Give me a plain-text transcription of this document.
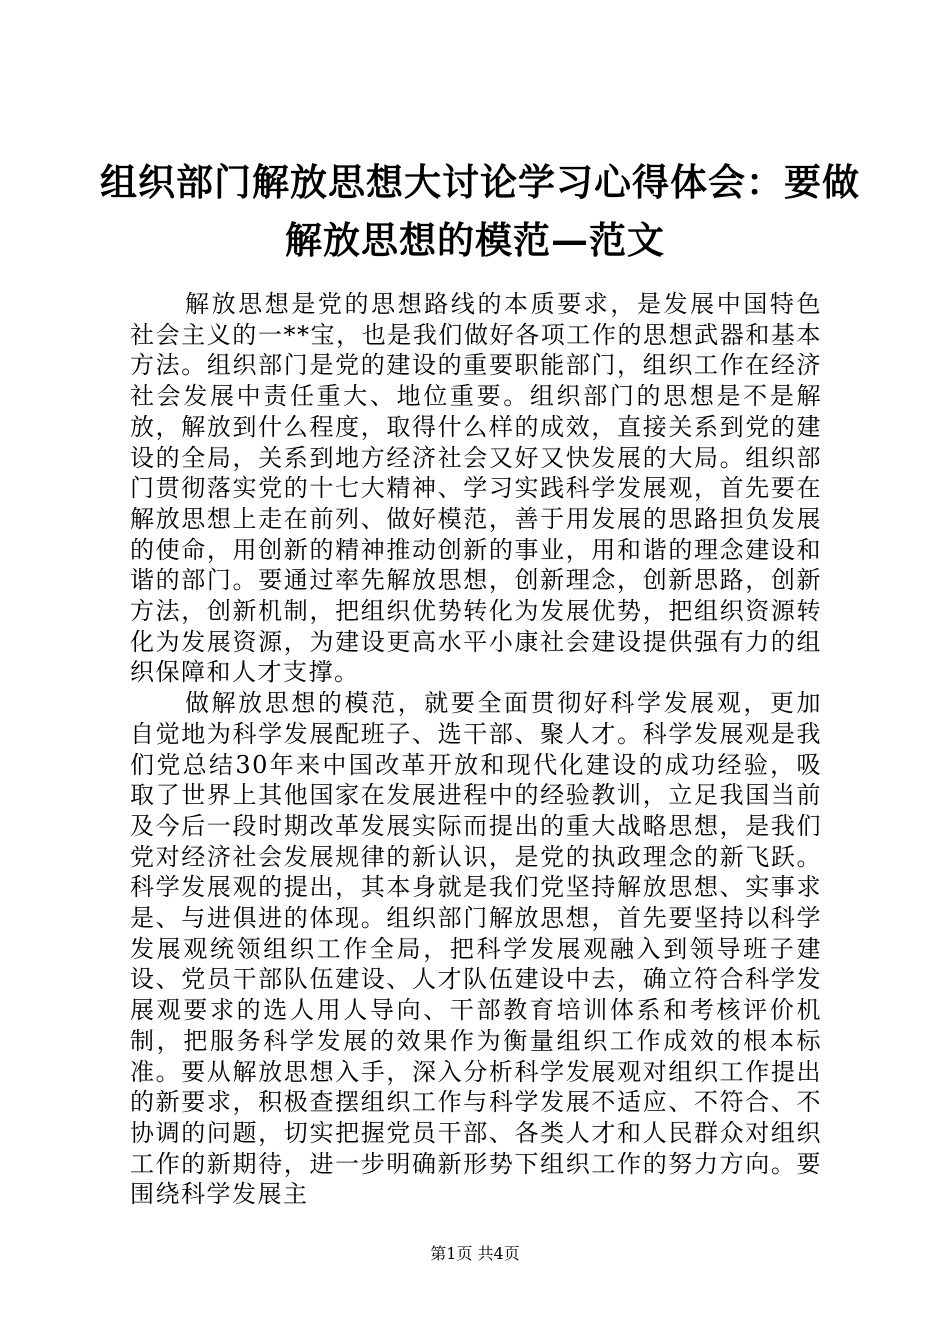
组织部门解放思想大讨论学习心得体会：要做
解放思想的模范—范文

解放思想是党的思想路线的本质要求，是发展中国特色社会主义的一**宝，也是我们做好各项工作的思想武器和基本方法。组织部门是党的建设的重要职能部门，组织工作在经济社会发展中责任重大、地位重要。组织部门的思想是不是解放，解放到什么程度，取得什么样的成效，直接关系到党的建设的全局，关系到地方经济社会又好又快发展的大局。组织部门贯彻落实党的十七大精神、学习实践科学发展观，首先要在解放思想上走在前列、做好模范，善于用发展的思路担负发展的使命，用创新的精神推动创新的事业，用和谐的理念建设和谐的部门。要通过率先解放思想，创新理念，创新思路，创新方法，创新机制，把组织优势转化为发展优势，把组织资源转化为发展资源，为建设更高水平小康社会建设提供强有力的组织保障和人才支撑。

做解放思想的模范，就要全面贯彻好科学发展观，更加自觉地为科学发展配班子、选干部、聚人才。科学发展观是我们党总结30年来中国改革开放和现代化建设的成功经验，吸取了世界上其他国家在发展进程中的经验教训，立足我国当前及今后一段时期改革发展实际而提出的重大战略思想，是我们党对经济社会发展规律的新认识，是党的执政理念的新飞跃。科学发展观的提出，其本身就是我们党坚持解放思想、实事求是、与进俱进的体现。组织部门解放思想，首先要坚持以科学发展观统领组织工作全局，把科学发展观融入到领导班子建设、党员干部队伍建设、人才队伍建设中去，确立符合科学发展观要求的选人用人导向、干部教育培训体系和考核评价机制，把服务科学发展的效果作为衡量组织工作成效的根本标准。要从解放思想入手，深入分析科学发展观对组织工作提出的新要求，积极查摆组织工作与科学发展不适应、不符合、不协调的问题，切实把握党员干部、各类人才和人民群众对组织工作的新期待，进一步明确新形势下组织工作的努力方向。要围绕科学发展主

第1页 共4页
